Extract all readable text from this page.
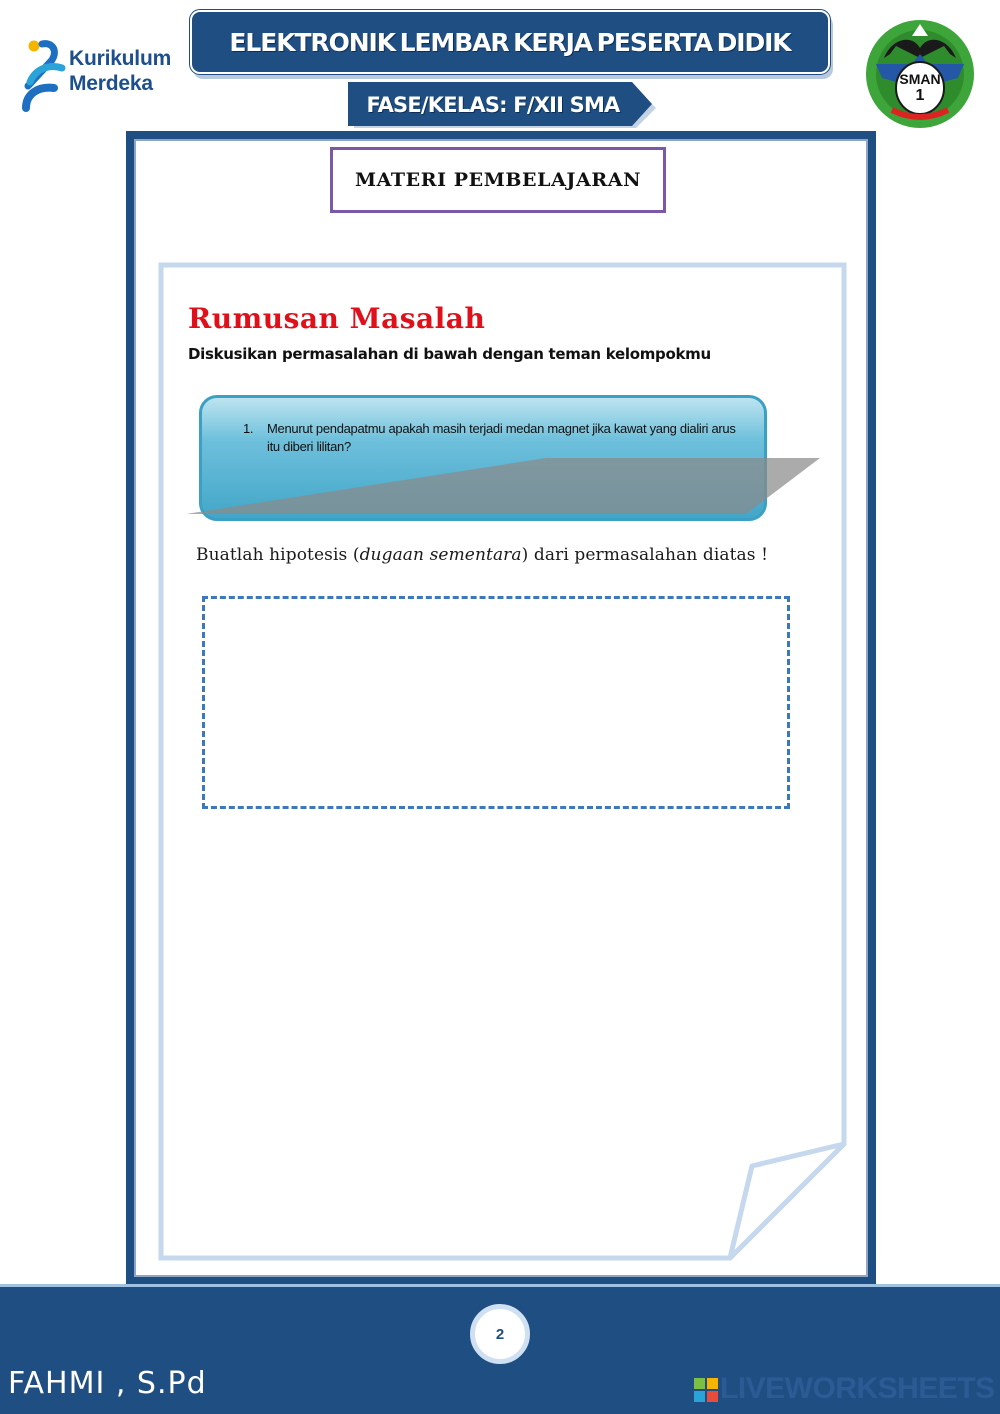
Kurikulum
Merdeka
ELEKTRONIK LEMBAR KERJA PESERTA DIDIK
FASE/KELAS: F/XII SMA
SMAN
1
MATERI PEMBELAJARAN
Rumusan Masalah
Diskusikan permasalahan di bawah dengan teman kelompokmu
1.	Menurut pendapatmu apakah masih terjadi medan magnet jika kawat yang dialiri arus itu diberi lilitan?
Buatlah hipotesis (dugaan sementara) dari permasalahan diatas !
2
FAHMI , S.Pd	LIVEWORKSHEETS
